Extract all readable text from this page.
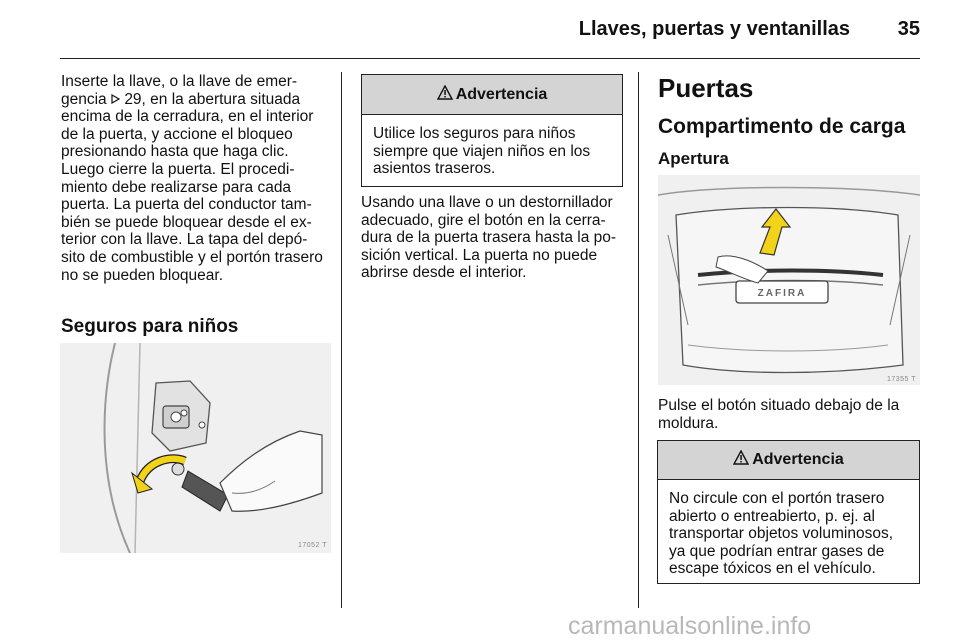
Llaves, puertas y ventanillas 35

Inserte la llave, o la llave de emer-
gencia 29, en la abertura situada
encima de la cerradura, en el interior
de la puerta, y accione el bloqueo
presionando hasta que haga clic.
Luego cierre la puerta. El procedi-
miento debe realizarse para cada
puerta. La puerta del conductor tam-
bién se puede bloquear desde el ex-
terior con la llave. La tapa del depó-
sito de combustible y el portón trasero
no se pueden bloquear.

Seguros para niños
17052 T
Advertencia
Utilice los seguros para niños
siempre que viajen niños en los
asientos traseros.

Usando una llave o un destornillador
adecuado, gire el botón en la cerra-
dura de la puerta trasera hasta la po-
sición vertical. La puerta no puede
abrirse desde el interior.

Puertas
Compartimento de carga
Apertura
ZAFIRA
17355 T

Pulse el botón situado debajo de la
moldura.

Advertencia
No circule con el portón trasero
abierto o entreabierto, p. ej. al
transportar objetos voluminosos,
ya que podrían entrar gases de
escape tóxicos en el vehículo.
carmanualsonline.info
